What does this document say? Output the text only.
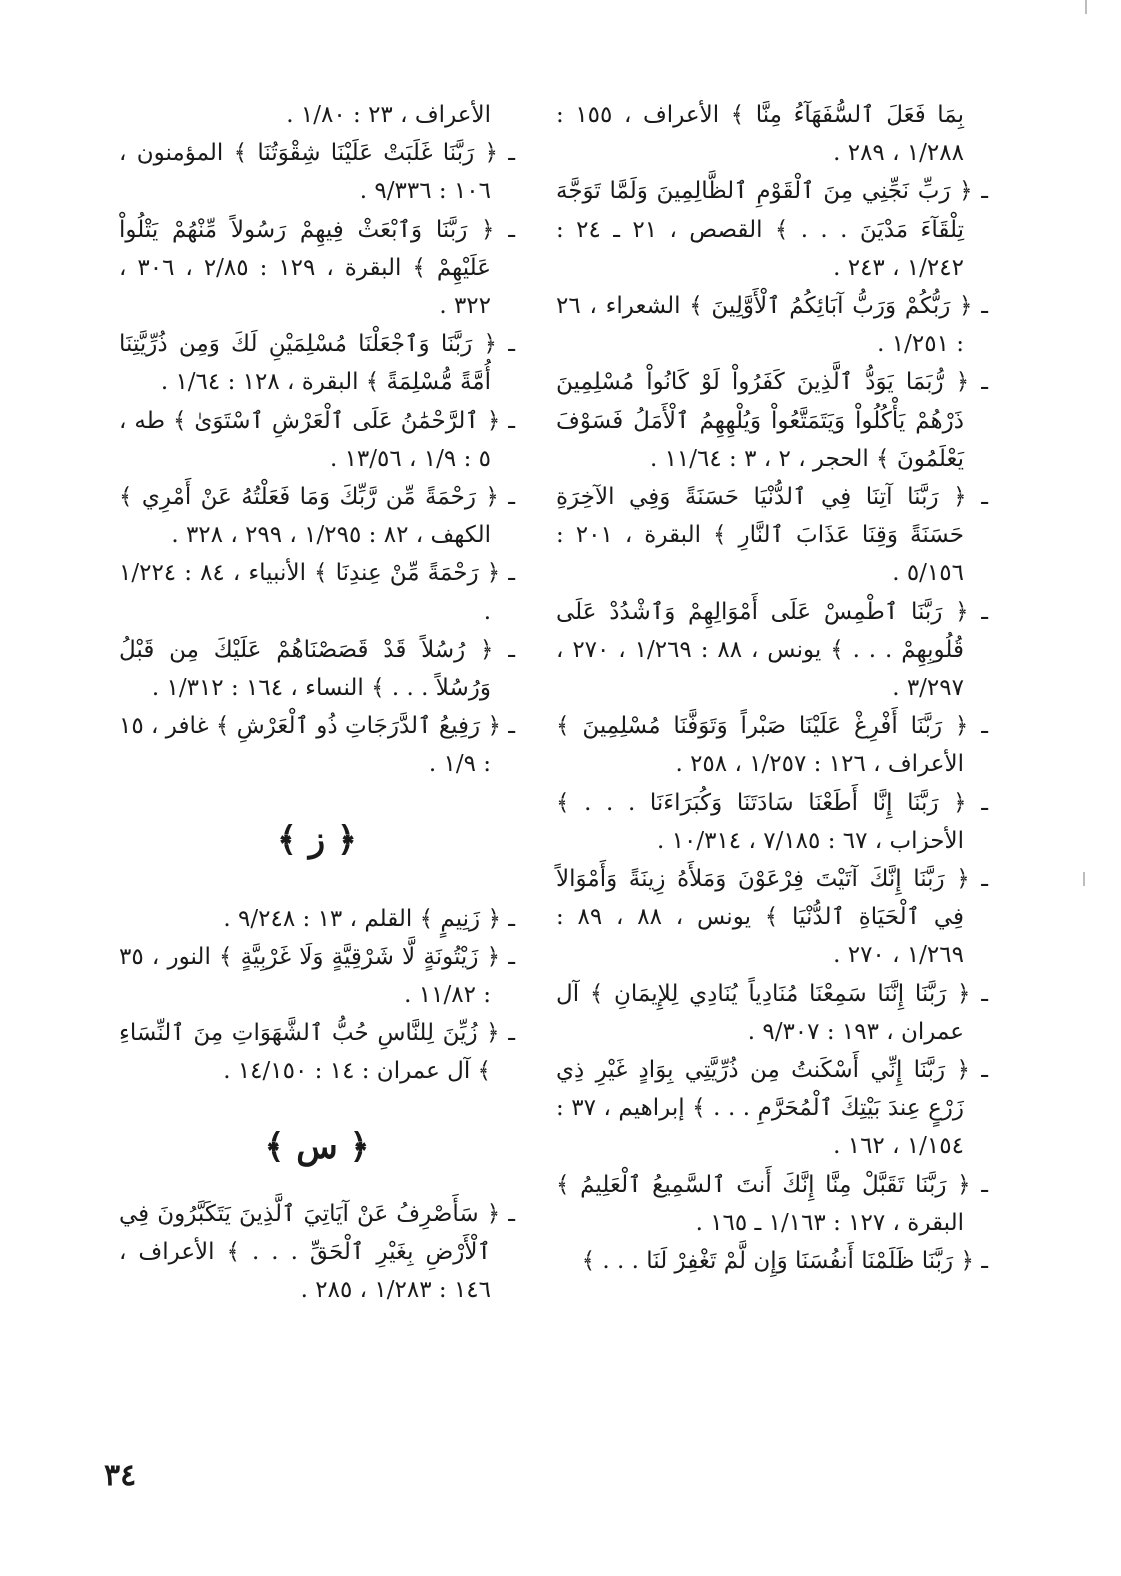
بِمَا فَعَلَ ٱلسُّفَهَآءُ مِنَّا ﴾ الأعراف ، ١٥٥ : ١/٢٨٨ ، ٢٨٩ .

ـ ﴿ رَبِّ نَجِّنِي مِنَ ٱلْقَوْمِ ٱلظَّالِمِينَ وَلَمَّا تَوَجَّهَ تِلْقَآءَ مَدْيَنَ . . . ﴾ القصص ، ٢١ ـ ٢٤ : ١/٢٤٢ ، ٢٤٣ .

ـ ﴿ رَبُّكُمْ وَرَبُّ آبَائِكُمُ ٱلْأَوَّلِينَ ﴾ الشعراء ، ٢٦ : ١/٢٥١ .

ـ ﴿ رُّبَمَا يَوَدُّ ٱلَّذِينَ كَفَرُواْ لَوْ كَانُواْ مُسْلِمِينَ ذَرْهُمْ يَأْكُلُواْ وَيَتَمَتَّعُواْ وَيُلْهِهِمُ ٱلْأَمَلُ فَسَوْفَ يَعْلَمُونَ ﴾ الحجر ، ٢ ، ٣ : ١١/٦٤ .

ـ ﴿ رَبَّنَا آتِنَا فِي ٱلدُّنْيَا حَسَنَةً وَفِي الآخِرَةِ حَسَنَةً وَقِنَا عَذَابَ ٱلنَّارِ ﴾ البقرة ، ٢٠١ : ٥/١٥٦ .

ـ ﴿ رَبَّنَا ٱطْمِسْ عَلَى أَمْوَالِهِمْ وَٱشْدُدْ عَلَى قُلُوبِهِمْ . . . ﴾ يونس ، ٨٨ : ١/٢٦٩ ، ٢٧٠ ، ٣/٢٩٧ .

ـ ﴿ رَبَّنَا أَفْرِغْ عَلَيْنَا صَبْراً وَتَوَفَّنَا مُسْلِمِينَ ﴾ الأعراف ، ١٢٦ : ١/٢٥٧ ، ٢٥٨ .

ـ ﴿ رَبَّنَا إِنَّا أَطَعْنَا سَادَتَنَا وَكُبَرَاءَنَا . . . ﴾ الأحزاب ، ٦٧ : ٧/١٨٥ ، ١٠/٣١٤ .

ـ ﴿ رَبَّنَا إِنَّكَ آتَيْتَ فِرْعَوْنَ وَمَلأَهُ زِينَةً وَأَمْوَالاً فِي ٱلْحَيَاةِ ٱلدُّنْيَا ﴾ يونس ، ٨٨ ، ٨٩ : ١/٢٦٩ ، ٢٧٠ .

ـ ﴿ رَبَّنَا إِنَّنَا سَمِعْنَا مُنَادِياً يُنَادِي لِلإِيمَانِ ﴾ آل عمران ، ١٩٣ : ٩/٣٠٧ .

ـ ﴿ رَبَّنَا إِنِّي أَسْكَنتُ مِن ذُرِّيَّتِي بِوَادٍ غَيْرِ ذِي زَرْعٍ عِندَ بَيْتِكَ ٱلْمُحَرَّمِ . . . ﴾ إبراهيم ، ٣٧ : ١/١٥٤ ، ١٦٢ .

ـ ﴿ رَبَّنَا تَقَبَّلْ مِنَّا إِنَّكَ أَنتَ ٱلسَّمِيعُ ٱلْعَلِيمُ ﴾ البقرة ، ١٢٧ : ١/١٦٣ ـ ١٦٥ .

ـ ﴿ رَبَّنَا ظَلَمْنَا أَنفُسَنَا وَإِن لَّمْ تَغْفِرْ لَنَا . . . ﴾

الأعراف ، ٢٣ : ١/٨٠ .

ـ ﴿ رَبَّنَا غَلَبَتْ عَلَيْنَا شِقْوَتُنَا ﴾ المؤمنون ، ١٠٦ : ٩/٣٣٦ .

ـ ﴿ رَبَّنَا وَٱبْعَثْ فِيهِمْ رَسُولاً مِّنْهُمْ يَتْلُواْ عَلَيْهِمْ ﴾ البقرة ، ١٢٩ : ٢/٨٥ ، ٣٠٦ ، ٣٢٢ .

ـ ﴿ رَبَّنَا وَٱجْعَلْنَا مُسْلِمَيْنِ لَكَ وَمِن ذُرِّيَّتِنَا أُمَّةً مُّسْلِمَةً ﴾ البقرة ، ١٢٨ : ١/٦٤ .

ـ ﴿ ٱلرَّحْمَٰنُ عَلَى ٱلْعَرْشِ ٱسْتَوَىٰ ﴾ طه ، ٥ : ١/٩ ، ١٣/٥٦ .

ـ ﴿ رَحْمَةً مِّن رَّبِّكَ وَمَا فَعَلْتُهُ عَنْ أَمْرِي ﴾ الكهف ، ٨٢ : ١/٢٩٥ ، ٢٩٩ ، ٣٢٨ .

ـ ﴿ رَحْمَةً مِّنْ عِندِنَا ﴾ الأنبياء ، ٨٤ : ١/٢٢٤ .

ـ ﴿ رُسُلاً قَدْ قَصَصْنَاهُمْ عَلَيْكَ مِن قَبْلُ وَرُسُلاً . . . ﴾ النساء ، ١٦٤ : ١/٣١٢ .

ـ ﴿ رَفِيعُ ٱلدَّرَجَاتِ ذُو ٱلْعَرْشِ ﴾ غافر ، ١٥ : ١/٩ .

﴿ ز ﴾

ـ ﴿ زَنِيمٍ ﴾ القلم ، ١٣ : ٩/٢٤٨ .

ـ ﴿ زَيْتُونَةٍ لَّا شَرْقِيَّةٍ وَلَا غَرْبِيَّةٍ ﴾ النور ، ٣٥ : ١١/٨٢ .

ـ ﴿ زُيِّنَ لِلنَّاسِ حُبُّ ٱلشَّهَوَاتِ مِنَ ٱلنِّسَاءِ ﴾ آل عمران : ١٤ : ١٤/١٥٠ .

﴿ س ﴾

ـ ﴿ سَأَصْرِفُ عَنْ آيَاتِيَ ٱلَّذِينَ يَتَكَبَّرُونَ فِي ٱلْأَرْضِ بِغَيْرِ ٱلْحَقِّ . . . ﴾ الأعراف ، ١٤٦ : ١/٢٨٣ ، ٢٨٥ .

٣٤
